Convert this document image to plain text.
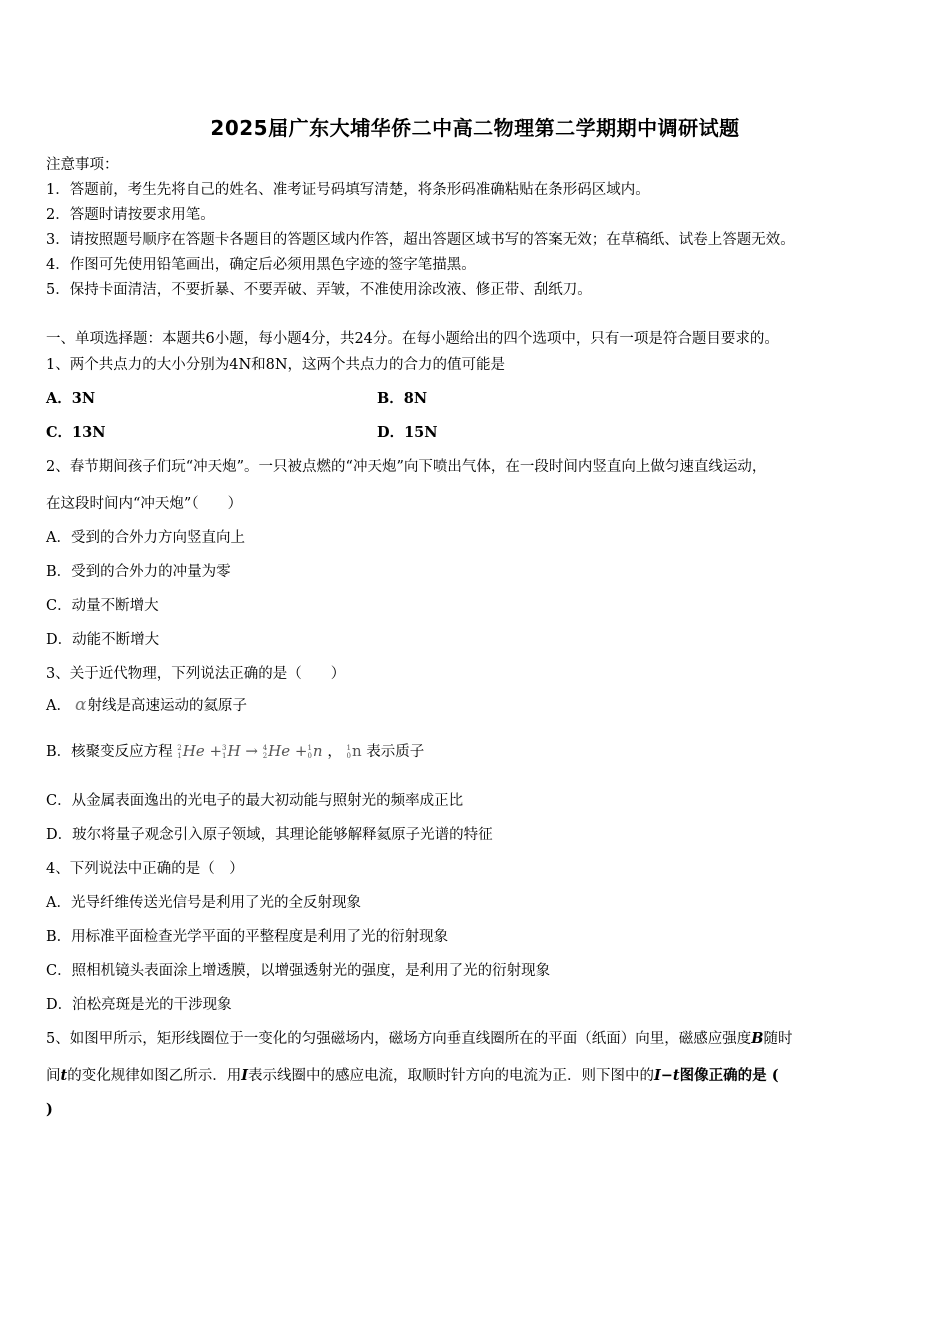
2025届广东大埔华侨二中高二物理第二学期期中调研试题
注意事项：
1．答题前，考生先将自己的姓名、准考证号码填写清楚，将条形码准确粘贴在条形码区域内。
2．答题时请按要求用笔。
3．请按照题号顺序在答题卡各题目的答题区域内作答，超出答题区域书写的答案无效；在草稿纸、试卷上答题无效。
4．作图可先使用铅笔画出，确定后必须用黑色字迹的签字笔描黑。
5．保持卡面清洁，不要折暴、不要弄破、弄皱，不准使用涂改液、修正带、刮纸刀。
一、单项选择题：本题共6小题，每小题4分，共24分。在每小题给出的四个选项中，只有一项是符合题目要求的。
1、两个共点力的大小分别为4N和8N，这两个共点力的合力的值可能是
A．3N	B．8N
C．13N	D．15N
2、春节期间孩子们玩“冲天炮”。一只被点燃的“冲天炮”向下喷出气体，在一段时间内竖直向上做匀速直线运动，
在这段时间内“冲天炮”（　　）
A．受到的合外力方向竖直向上
B．受到的合外力的冲量为零
C．动量不断增大
D．动能不断增大
3、关于近代物理，下列说法正确的是（　　）
A． α射线是高速运动的氦原子
B．核聚变反应方程 2
1 He + 3
1 H → 4
2 He + 1
0 n ， 1
0 n 表示质子
C．从金属表面逸出的光电子的最大初动能与照射光的频率成正比
D．玻尔将量子观念引入原子领域，其理论能够解释氦原子光谱的特征
4、下列说法中正确的是（　）
A．光导纤维传送光信号是利用了光的全反射现象
B．用标准平面检查光学平面的平整程度是利用了光的衍射现象
C．照相机镜头表面涂上增透膜，以增强透射光的强度，是利用了光的衍射现象
D．泊松亮斑是光的干涉现象
5、如图甲所示，矩形线圈位于一变化的匀强磁场内，磁场方向垂直线圈所在的平面（纸面）向里，磁感应强度B随时
间t的变化规律如图乙所示．用I表示线圈中的感应电流，取顺时针方向的电流为正．则下图中的I−t图像正确的是 (
)
